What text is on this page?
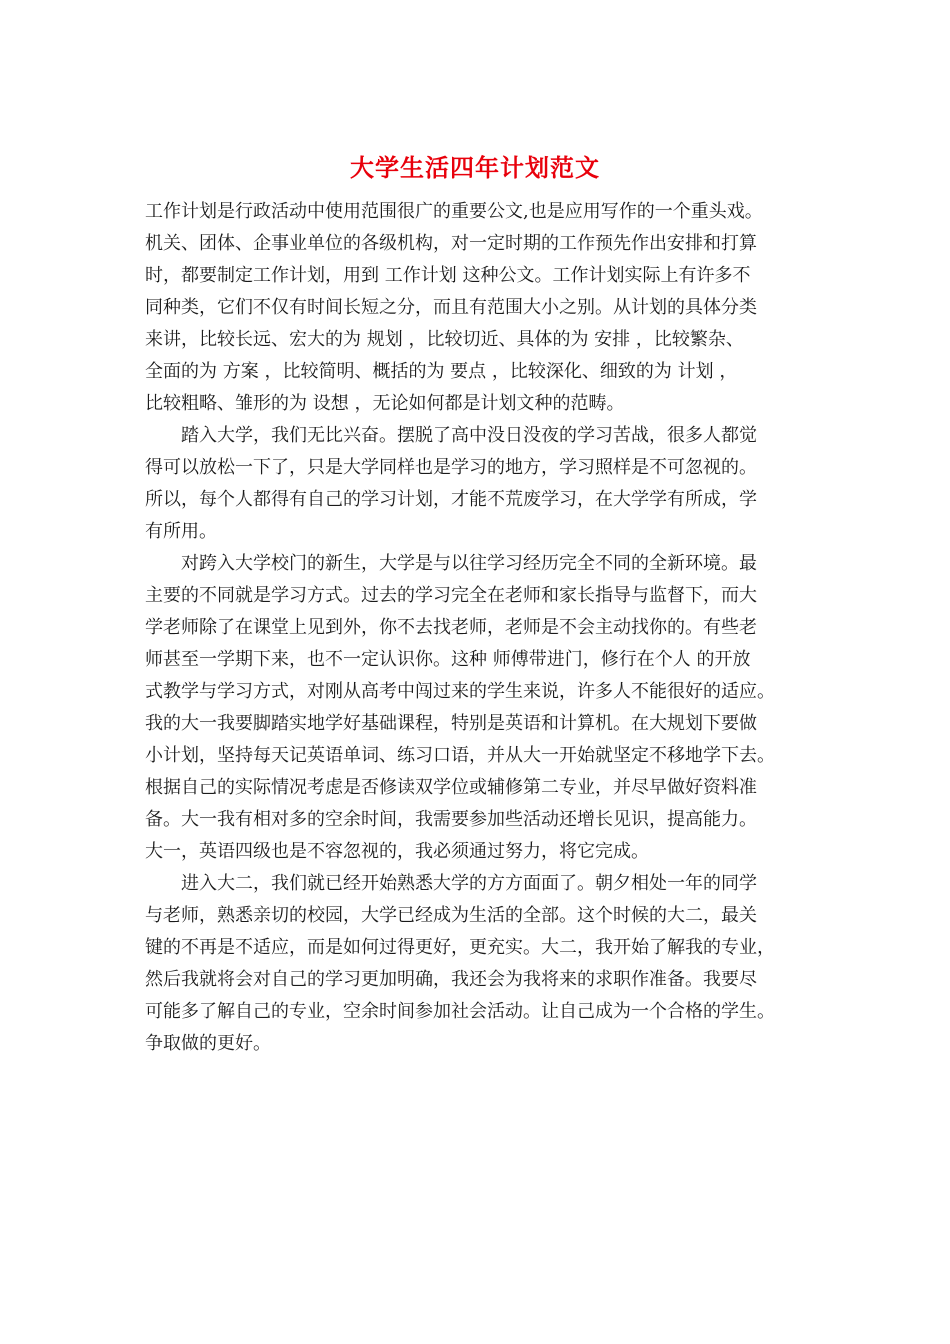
大学生活四年计划范文
工作计划是行政活动中使用范围很广的重要公文,也是应用写作的一个重头戏。
机关、团体、企事业单位的各级机构，对一定时期的工作预先作出安排和打算
时，都要制定工作计划，用到 工作计划 这种公文。工作计划实际上有许多不
同种类，它们不仅有时间长短之分，而且有范围大小之别。从计划的具体分类
来讲，比较长远、宏大的为 规划 ，比较切近、具体的为 安排 ，比较繁杂、
全面的为 方案 ，比较简明、概括的为 要点 ，比较深化、细致的为 计划 ，
比较粗略、雏形的为 设想 ，无论如何都是计划文种的范畴。
踏入大学，我们无比兴奋。摆脱了高中没日没夜的学习苦战，很多人都觉
得可以放松一下了，只是大学同样也是学习的地方，学习照样是不可忽视的。
所以，每个人都得有自己的学习计划，才能不荒废学习，在大学学有所成，学
有所用。
对跨入大学校门的新生，大学是与以往学习经历完全不同的全新环境。最
主要的不同就是学习方式。过去的学习完全在老师和家长指导与监督下，而大
学老师除了在课堂上见到外，你不去找老师，老师是不会主动找你的。有些老
师甚至一学期下来，也不一定认识你。这种 师傅带进门，修行在个人 的开放
式教学与学习方式，对刚从高考中闯过来的学生来说，许多人不能很好的适应。
我的大一我要脚踏实地学好基础课程，特别是英语和计算机。在大规划下要做
小计划，坚持每天记英语单词、练习口语，并从大一开始就坚定不移地学下去。
根据自己的实际情况考虑是否修读双学位或辅修第二专业，并尽早做好资料准
备。大一我有相对多的空余时间，我需要参加些活动还增长见识，提高能力。
大一，英语四级也是不容忽视的，我必须通过努力，将它完成。
进入大二，我们就已经开始熟悉大学的方方面面了。朝夕相处一年的同学
与老师，熟悉亲切的校园，大学已经成为生活的全部。这个时候的大二，最关
键的不再是不适应，而是如何过得更好，更充实。大二，我开始了解我的专业，
然后我就将会对自己的学习更加明确，我还会为我将来的求职作准备。我要尽
可能多了解自己的专业，空余时间参加社会活动。让自己成为一个合格的学生。
争取做的更好。
